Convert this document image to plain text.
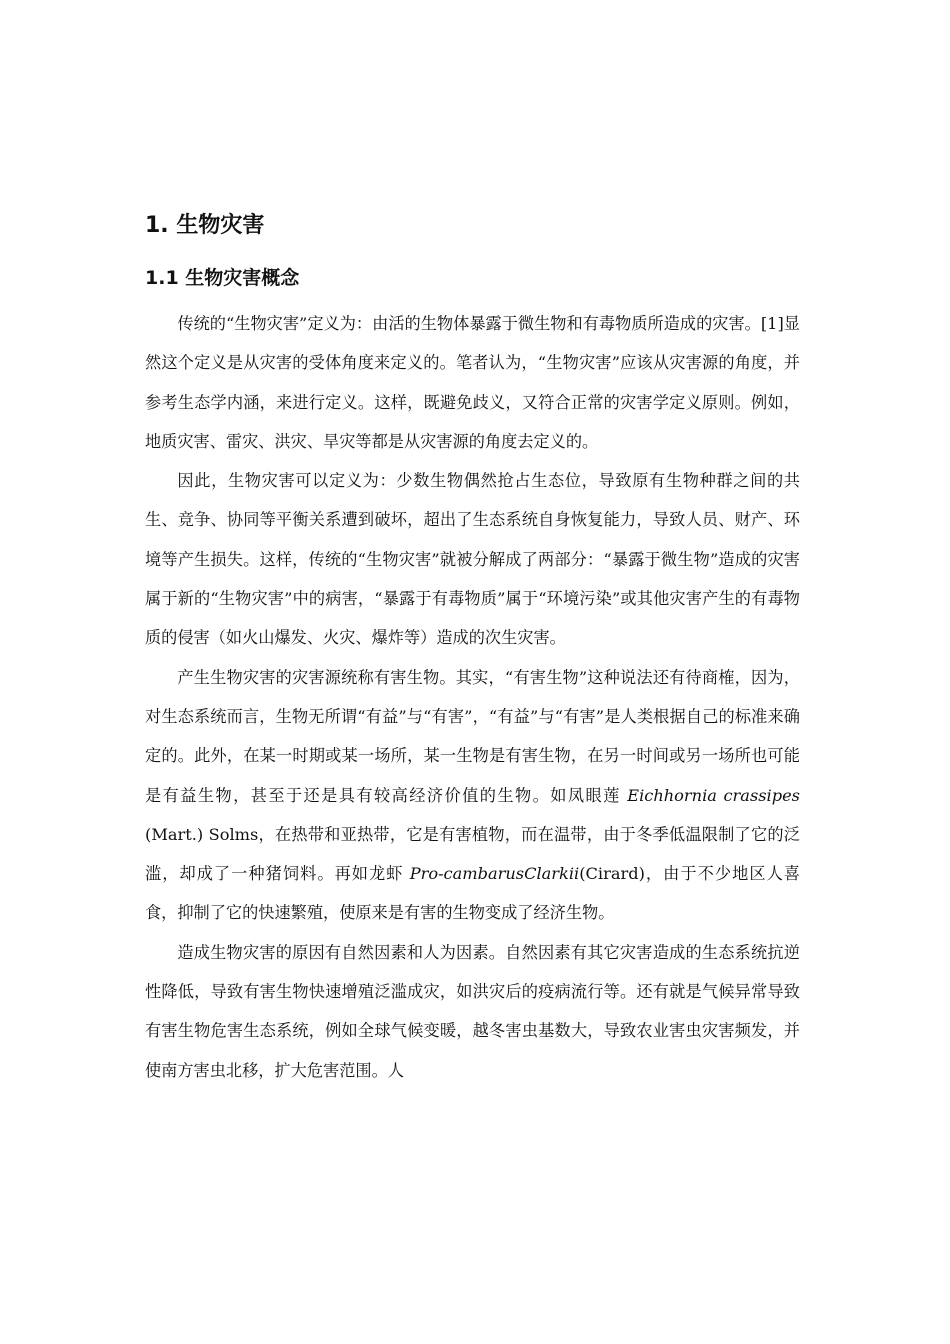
1. 生物灾害
1.1 生物灾害概念

传统的“生物灾害”定义为：由活的生物体暴露于微生物和有毒物质所造成的灾害。[1]显然这个定义是从灾害的受体角度来定义的。笔者认为，“生物灾害”应该从灾害源的角度，并参考生态学内涵，来进行定义。这样，既避免歧义，又符合正常的灾害学定义原则。例如，地质灾害、雷灾、洪灾、旱灾等都是从灾害源的角度去定义的。

因此，生物灾害可以定义为：少数生物偶然抢占生态位，导致原有生物种群之间的共生、竞争、协同等平衡关系遭到破坏，超出了生态系统自身恢复能力，导致人员、财产、环境等产生损失。这样，传统的“生物灾害”就被分解成了两部分：“暴露于微生物”造成的灾害属于新的“生物灾害”中的病害，“暴露于有毒物质”属于“环境污染”或其他灾害产生的有毒物质的侵害（如火山爆发、火灾、爆炸等）造成的次生灾害。

产生生物灾害的灾害源统称有害生物。其实，“有害生物”这种说法还有待商榷，因为，对生态系统而言，生物无所谓“有益”与“有害”，“有益”与“有害”是人类根据自己的标准来确定的。此外，在某一时期或某一场所，某一生物是有害生物，在另一时间或另一场所也可能是有益生物，甚至于还是具有较高经济价值的生物。如凤眼莲 Eichhornia crassipes (Mart.) Solms，在热带和亚热带，它是有害植物，而在温带，由于冬季低温限制了它的泛滥，却成了一种猪饲料。再如龙虾 Pro-cambarusClarkii(Cirard)，由于不少地区人喜食，抑制了它的快速繁殖，使原来是有害的生物变成了经济生物。

造成生物灾害的原因有自然因素和人为因素。自然因素有其它灾害造成的生态系统抗逆性降低，导致有害生物快速增殖泛滥成灾，如洪灾后的疫病流行等。还有就是气候异常导致有害生物危害生态系统，例如全球气候变暖，越冬害虫基数大，导致农业害虫灾害频发，并使南方害虫北移，扩大危害范围。人
